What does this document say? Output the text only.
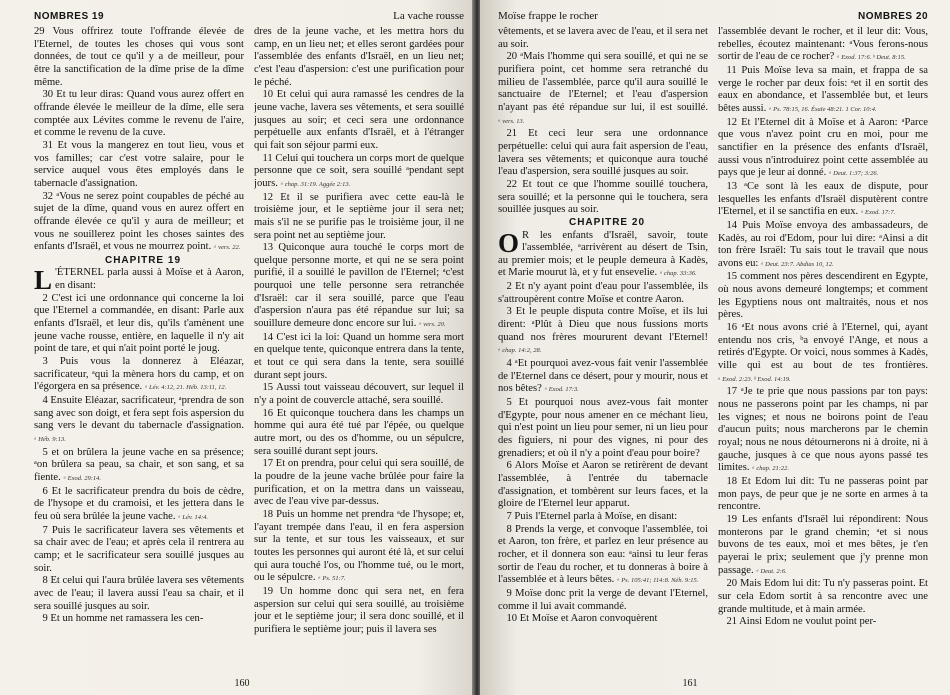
NOMBRES 19	La vache rousse

29 Vous offrirez toute l'offrande élevée de l'Eternel, de toutes les choses qui vous sont données, de tout ce qu'il y a de meilleur, pour être la sanctification de la dîme prise de la dîme même.

30 Et tu leur diras: Quand vous aurez offert en offrande élevée le meilleur de la dîme, elle sera comptée aux Lévites comme le revenu de l'aire, et comme le revenu de la cuve.

31 Et vous la mangerez en tout lieu, vous et vos familles; car c'est votre salaire, pour le service auquel vous êtes employés dans le tabernacle d'assignation.

32 ᵃVous ne serez point coupables de péché au sujet de la dîme, quand vous en aurez offert en offrande élevée ce qu'il y aura de meilleur; et vous ne souillerez point les choses saintes des enfants d'Israël, et vous ne mourrez point. ᵃ vers. 22.

CHAPITRE 19

L 'ÉTERNEL parla aussi à Moïse et à Aaron, en disant:

2 C'est ici une ordonnance qui concerne la loi que l'Eternel a commandée, en disant: Parle aux enfants d'Israël, et leur dis, qu'ils t'amènent une jeune vache rousse, entière, en laquelle il n'y ait point de tare, et qui n'ait point porté le joug.

3 Puis vous la donnerez à Eléazar, sacrificateur, ᵃqui la mènera hors du camp, et on l'égorgera en sa présence. ᵃ Lév. 4:12, 21. Héb. 13:11, 12.

4 Ensuite Eléazar, sacrificateur, ᵃprendra de son sang avec son doigt, et fera sept fois aspersion du sang vers le devant du tabernacle d'assignation. ᵃ Héb. 9:13.

5 et on brûlera la jeune vache en sa présence; ᵃon brûlera sa peau, sa chair, et son sang, et sa fiente. ᵃ Exod. 29:14.

6 Et le sacrificateur prendra du bois de cèdre, de l'hysope et du cramoisi, et les jettera dans le feu où sera brûlée la jeune vache. ᵃ Lév. 14:4.

7 Puis le sacrificateur lavera ses vêtements et sa chair avec de l'eau; et après cela il rentrera au camp; et le sacrificateur sera souillé jusques au soir.

8 Et celui qui l'aura brûlée lavera ses vêtements avec de l'eau; il lavera aussi l'eau sa chair, et il sera souillé jusques au soir.

9 Et un homme net ramassera les cen-

dres de la jeune vache, et les mettra hors du camp, en un lieu net; et elles seront gardées pour l'assemblée des enfants d'Israël, en un lieu net; c'est l'eau d'aspersion: c'est une purification pour le péché.

10 Et celui qui aura ramassé les cendres de la jeune vache, lavera ses vêtements, et sera souillé jusques au soir; et ceci sera une ordonnance perpétuelle aux enfants d'Israël, et à l'étranger qui fait son séjour parmi eux.

11 Celui qui touchera un corps mort de quelque personne que ce soit, sera souillé ᵃpendant sept jours. ᵃ chap. 31:19. Aggée 2:13.

12 Et il se purifiera avec cette eau-là le troisième jour, et le septième jour il sera net; mais s'il ne se purifie pas le troisième jour, il ne sera point net au septième jour.

13 Quiconque aura touché le corps mort de quelque personne morte, et qui ne se sera point purifié, il a souillé le pavillon de l'Eternel; ᵃc'est pourquoi une telle personne sera retranchée d'Israël: car il sera souillé, parce que l'eau d'aspersion n'aura pas été répandue sur lui; sa souillure demeure donc encore sur lui. ᵃ vers. 20.

14 C'est ici la loi: Quand un homme sera mort en quelque tente, quiconque entrera dans la tente, et tout ce qui sera dans la tente, sera souillé durant sept jours.

15 Aussi tout vaisseau découvert, sur lequel il n'y a point de couvercle attaché, sera souillé.

16 Et quiconque touchera dans les champs un homme qui aura été tué par l'épée, ou quelque autre mort, ou des os d'homme, ou un sépulcre, sera souillé durant sept jours.

17 Et on prendra, pour celui qui sera souillé, de la poudre de la jeune vache brûlée pour faire la purification, et on la mettra dans un vaisseau, avec de l'eau vive par-dessus.

18 Puis un homme net prendra ᵃde l'hysope; et, l'ayant trempée dans l'eau, il en fera aspersion sur la tente, et sur tous les vaisseaux, et sur toutes les personnes qui auront été là, et sur celui qui aura touché l'os, ou l'homme tué, ou le mort, ou le sépulcre. ᵃ Ps. 51:7.

19 Un homme donc qui sera net, en fera aspersion sur celui qui sera souillé, au troisième jour et le septième jour; il sera donc souillé, et il purifiera le septième jour; puis il lavera ses

160
Moïse frappe le rocher	NOMBRES 20

vêtements, et se lavera avec de l'eau, et il sera net au soir.

20 ᵃMais l'homme qui sera souillé, et qui ne se purifiera point, cet homme sera retranché du milieu de l'assemblée, parce qu'il aura souillé le sanctuaire de l'Eternel; et l'eau d'aspersion n'ayant pas été répandue sur lui, il est souillé. ᵃ vers. 13.

21 Et ceci leur sera une ordonnance perpétuelle: celui qui aura fait aspersion de l'eau, lavera ses vêtements; et quiconque aura touché l'eau d'aspersion, sera souillé jusques au soir.

22 Et tout ce que l'homme souillé touchera, sera souillé; et la personne qui le touchera, sera souillée jusques au soir.

CHAPITRE 20

O R les enfants d'Israël, savoir, toute l'assemblée, ᵃarrivèrent au désert de Tsin, au premier mois; et le peuple demeura à Kadès, et Marie mourut là, et y fut ensevelie. ᵃ chap. 33:36.

2 Et n'y ayant point d'eau pour l'assemblée, ils s'attroupèrent contre Moïse et contre Aaron.

3 Et le peuple disputa contre Moïse, et ils lui dirent: ᵃPlût à Dieu que nous fussions morts quand nos frères moururent devant l'Eternel! ᵃ chap. 14:2, 28.

4 ᵃEt pourquoi avez-vous fait venir l'assemblée de l'Eternel dans ce désert, pour y mourir, nous et nos bêtes? ᵃ Exod. 17:3.

5 Et pourquoi nous avez-vous fait monter d'Egypte, pour nous amener en ce méchant lieu, qui n'est point un lieu pour semer, ni un lieu pour des figuiers, ni pour des vignes, ni pour des grenadiers; et où il n'y a point d'eau pour boire?

6 Alors Moïse et Aaron se retirèrent de devant l'assemblée, à l'entrée du tabernacle d'assignation, et tombèrent sur leurs faces, et la gloire de l'Eternel leur apparut.

7 Puis l'Eternel parla à Moïse, en disant:

8 Prends la verge, et convoque l'assemblée, toi et Aaron, ton frère, et parlez en leur présence au rocher, et il donnera son eau: ᵃainsi tu leur feras sortir de l'eau du rocher, et tu donneras à boire à l'assemblée et à leurs bêtes. ᵃ Ps. 105:41; 114:8. Néh. 9:15.

9 Moïse donc prit la verge de devant l'Eternel, comme il lui avait commandé.

10 Et Moïse et Aaron convoquèrent

l'assemblée devant le rocher, et il leur dit: Vous, rebelles, écoutez maintenant: ᵃVous ferons-nous sortir de l'eau de ce rocher? ᵃ Exod. 17:6. ᵇ Deut. 8:15.

11 Puis Moïse leva sa main, et frappa de sa verge le rocher par deux fois: ᵃet il en sortit des eaux en abondance, et l'assemblée but, et leurs bêtes aussi. ᵃ Ps. 78:15, 16. Ésaïe 48:21. 1 Cor. 10:4.

12 Et l'Eternel dit à Moïse et à Aaron: ᵃParce que vous n'avez point cru en moi, pour me sanctifier en la présence des enfants d'Israël, aussi vous n'introduirez point cette assemblée au pays que je leur ai donné. ᵃ Deut. 1:37; 3:26.

13 ᵃCe sont là les eaux de dispute, pour lesquelles les enfants d'Israël disputèrent contre l'Eternel, et il se sanctifia en eux. ᵃ Exod. 17:7.

14 Puis Moïse envoya des ambassadeurs, de Kadès, au roi d'Edom, pour lui dire: ᵃAinsi a dit ton frère Israël: Tu sais tout le travail que nous avons eu: ᵃ Deut. 23:7. Abdias 10, 12.

15 comment nos pères descendirent en Egypte, où nous avons demeuré longtemps; et comment les Egyptiens nous ont maltraités, nous et nos pères.

16 ᵃEt nous avons crié à l'Eternel, qui, ayant entendu nos cris, ᵇa envoyé l'Ange, et nous a retirés d'Egypte. Or voici, nous sommes à Kadès, ville qui est au bout de tes frontières. ᵃ Exod. 2:23. ᵇ Exod. 14:19.

17 ᵃJe te prie que nous passions par ton pays: nous ne passerons point par les champs, ni par les vignes; et nous ne boirons point de l'eau d'aucun puits; nous marcherons par le chemin royal; nous ne nous détournerons ni à droite, ni à gauche, jusques à ce que nous ayons passé tes limites. ᵃ chap. 21:22.

18 Et Edom lui dit: Tu ne passeras point par mon pays, de peur que je ne sorte en armes à ta rencontre.

19 Les enfants d'Israël lui répondirent: Nous monterons par le grand chemin; ᵃet si nous buvons de tes eaux, moi et mes bêtes, je t'en payerai le prix; seulement que j'y prenne mon passage. ᵃ Deut. 2:6.

20 Mais Edom lui dit: Tu n'y passeras point. Et sur cela Edom sortit à sa rencontre avec une grande multitude, et à main armée.

21 Ainsi Edom ne voulut point per-

161
